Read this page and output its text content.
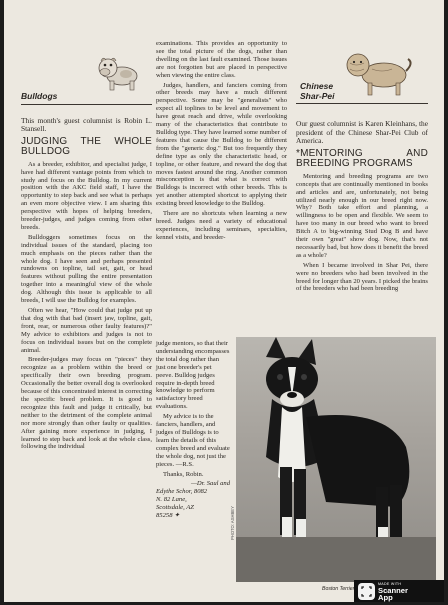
Bulldogs
This month's guest columnist is Robin L. Stansell.
JUDGING THE WHOLE BULLDOG

As a breeder, exhibitor, and specialist judge, I have had different vantage points from which to study and focus on the Bulldog. In my current position with the AKC field staff, I have the opportunity to step back and see what is perhaps an even more objective view. I am sharing this perspective with hopes of helping breeders, breeder-judges, and judges coming from other breeds.

Bulldoggers sometimes focus on the individual issues of the standard, placing too much emphasis on the pieces rather than the whole dog. I have seen and perhaps presented rundowns on topline, tail set, gait, or head features without pulling the entire presentation together into a meaningful view of the whole dog. Although this issue is applicable to all breeds, I will use the Bulldog for examples.

Often we hear, "How could that judge put up that dog with that bad (insert jaw, topline, gait, front, rear, or numerous other faulty features)?" My advice to exhibitors and judges is not to focus on individual issues but on the complete animal.

Breeder-judges may focus on "pieces" they recognize as a problem within the breed or specifically their own breeding program. Occasionally the better overall dog is overlooked because of this concentrated interest in correcting the specific breed problem. It is good to recognize this fault and judge it critically, but neither to the detriment of the complete animal nor more strongly than other faulty or qualities. After gaining more experience in judging, I learned to step back and look at the whole class, following the individual

examinations. This provides an opportunity to see the total picture of the dogs, rather than dwelling on the last fault examined. Those issues are not forgotten but are placed in perspective when viewing the entire class.

Judges, handlers, and fanciers coming from other breeds may have a much different perspective. Some may be "generalists" who expect all toplines to be level and movement to have great reach and drive, while overlooking many of the characteristics that contribute to Bulldog type. They have learned some number of features that cause the Bulldog to be different from the "generic dog." But too frequently they define type as only the characteristic head, or topline, or other feature, and reward the dog that moves fastest around the ring. Another common misconception is that what is correct with Bulldogs is incorrect with other breeds. This is yet another attempted shortcut to applying their existing breed knowledge to the Bulldog.

There are no shortcuts when learning a new breed. Judges need a variety of educational experiences, including seminars, specialties, kennel visits, and breeder-

judge mentors, so that their understanding encompasses the total dog rather than just one breeder's pet peeve. Bulldog judges require in-depth breed knowledge to perform satisfactory breed evaluations.

My advice is to the fanciers, handlers, and judges of Bulldogs is to learn the details of this complex breed and evaluate the whole dog, not just the pieces. —R.S.

Thanks, Robin.

—Dr. Saul and
Edythe Schor, 8082
N. 82 Lane,
Scottsdale, AZ
85258 ✦
Chinese
Shar-Pei
Our guest columnist is Karen Kleinhans, the president of the Chinese Shar-Pei Club of America.
*MENTORING AND BREEDING PROGRAMS

Mentoring and breeding programs are two concepts that are continually mentioned in books and articles and are, unfortunately, not being utilized nearly enough in our breed right now. Why? Both take effort and planning, a willingness to be open and flexible. We seem to have too many in our breed who want to breed Bitch A to big-winning Stud Dog B and have their own "great" show dog. Now, that's not necessarily bad, but how does it benefit the breed as a whole?

When I became involved in Shar Pei, there were no breeders who had been involved in the breed for longer than 20 years. I picked the brains of the breeders who had been breeding

PHOTO: ASHBEY
Boston Terrier
MADE WITH
Scanner
App
